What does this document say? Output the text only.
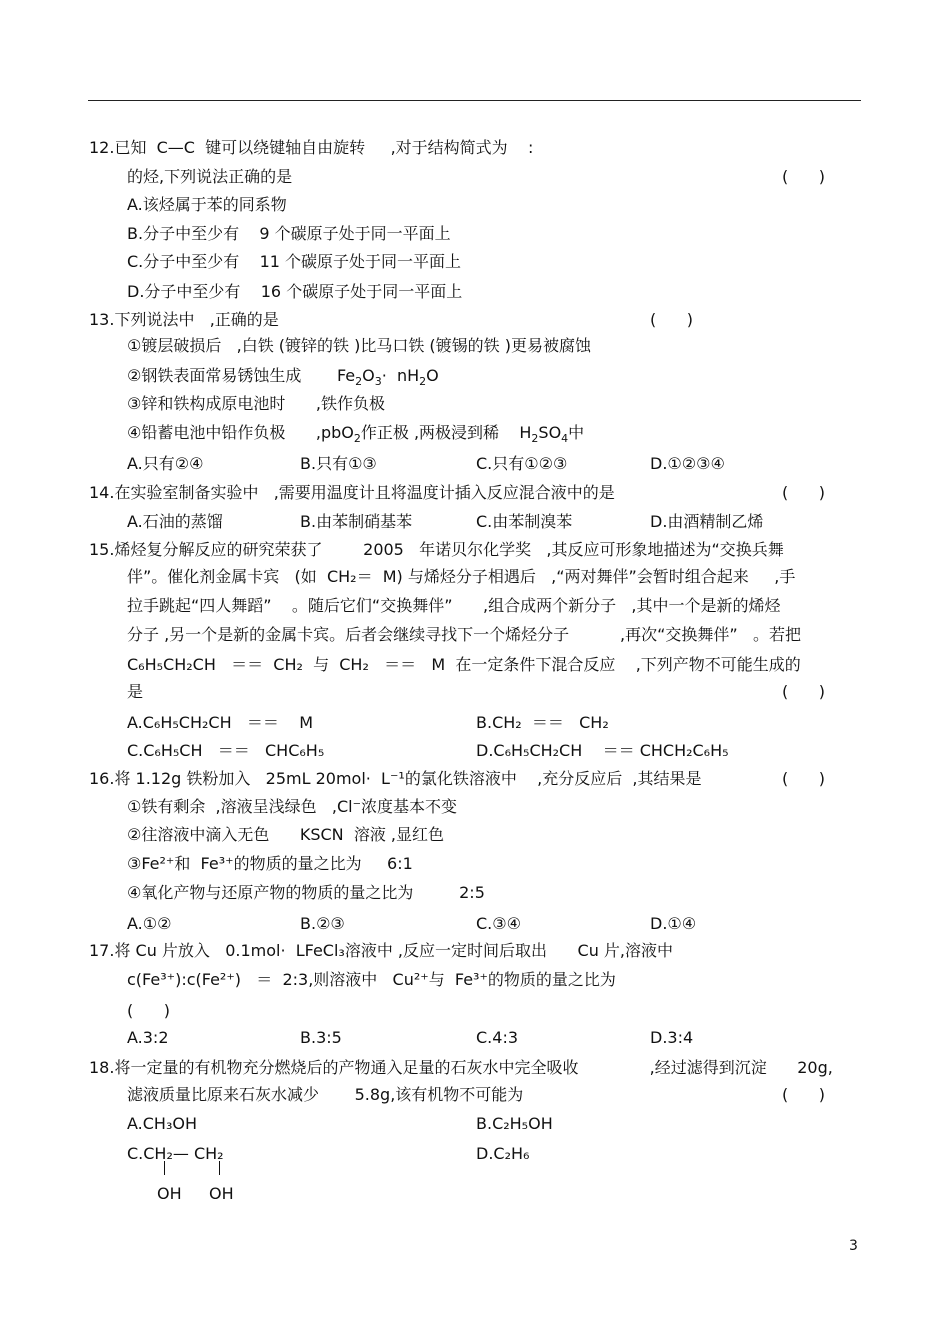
12.已知  C—C  键可以绕键轴自由旋转     ,对于结构简式为    :
的烃,下列说法正确的是	(      )
A.该烃属于苯的同系物
B.分子中至少有    9 个碳原子处于同一平面上
C.分子中至少有    11 个碳原子处于同一平面上
D.分子中至少有    16 个碳原子处于同一平面上
13.下列说法中   ,正确的是	(      )
①镀层破损后   ,白铁 (镀锌的铁 )比马口铁 (镀锡的铁 )更易被腐蚀
②钢铁表面常易锈蚀生成 $Fe_2O_3\cdot nH_2O$
③锌和铁构成原电池时      ,铁作负极
④铅蓄电池中铅作负极      ,pbO$_2$作正极 ,两极浸到稀    $H_2SO_4$中
A.只有②④	B.只有①③	C.只有①②③	D.①②③④
14.在实验室制备实验中   ,需要用温度计且将温度计插入反应混合液中的是	(      )
A.石油的蒸馏	B.由苯制硝基苯	C.由苯制溴苯	D.由酒精制乙烯
15.烯烃复分解反应的研究荣获了        2005   年诺贝尔化学奖   ,其反应可形象地描述为“交换兵舞
伴”。催化剂金属卡宾   (如  CH₂＝  M) 与烯烃分子相遇后   ,“两对舞伴”会暂时组合起来     ,手
拉手跳起“四人舞蹈”    。随后它们“交换舞伴”      ,组合成两个新分子   ,其中一个是新的烯烃
分子 ,另一个是新的金属卡宾。后者会继续寻找下一个烯烃分子          ,再次“交换舞伴”   。若把
C₆H₅CH₂CH   ＝＝  CH₂  与  CH₂   ＝＝   M  在一定条件下混合反应    ,下列产物不可能生成的
是	(      )
A.C₆H₅CH₂CH   ＝＝    M	B.CH₂  ＝＝   CH₂
C.C₆H₅CH   ＝＝   CHC₆H₅	D.C₆H₅CH₂CH    ＝＝ CHCH₂C₆H₅
16.将 1.12g 铁粉加入   25mL 20mol·  L⁻¹的氯化铁溶液中    ,充分反应后  ,其结果是	(      )
①铁有剩余  ,溶液呈浅绿色   ,Cl⁻浓度基本不变
②往溶液中滴入无色      KSCN  溶液 ,显红色
③Fe²⁺和  Fe³⁺的物质的量之比为     6:1
④氧化产物与还原产物的物质的量之比为         2:5
A.①②	B.②③	C.③④	D.①④
17.将 Cu 片放入   0.1mol·  LFeCl₃溶液中 ,反应一定时间后取出      Cu 片,溶液中
c(Fe³⁺):c(Fe²⁺)   ＝  2:3,则溶液中   Cu²⁺与  Fe³⁺的物质的量之比为
(      )
A.3:2	B.3:5	C.4:3	D.3:4
18.将一定量的有机物充分燃烧后的产物通入足量的石灰水中完全吸收              ,经过滤得到沉淀      20g,
滤液质量比原来石灰水减少       5.8g,该有机物不可能为	(      )
A.CH₃OH	B.C₂H₅OH
C.CH₂— CH₂
OH OH
D.C₂H₆
3
